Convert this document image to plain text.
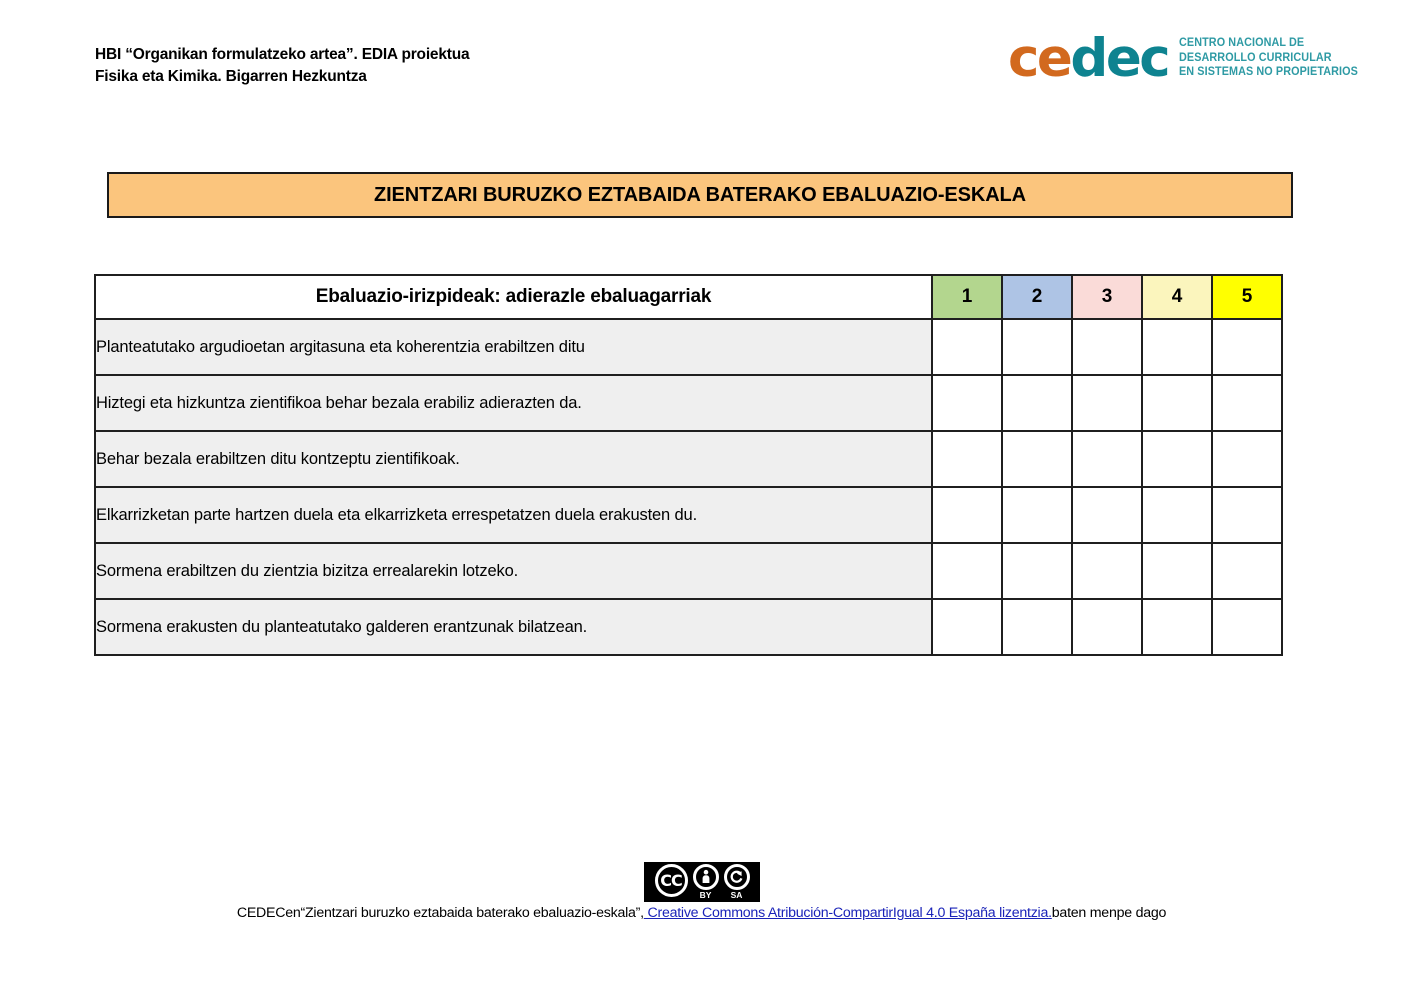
HBI “Organikan formulatzeko artea”. EDIA proiektua
Fisika eta Kimika. Bigarren Hezkuntza	cedec CENTRO NACIONAL DE
DESARROLLO CURRICULAR
EN SISTEMAS NO PROPIETARIOS
ZIENTZARI BURUZKO EZTABAIDA BATERAKO EBALUAZIO-ESKALA
Ebaluazio-irizpideak: adierazle ebaluagarriak	1	2	3	4	5
Planteatutako argudioetan argitasuna eta koherentzia erabiltzen ditu					
Hiztegi eta hizkuntza zientifikoa behar bezala erabiliz adierazten da.					
Behar bezala erabiltzen ditu kontzeptu zientifikoak.					
Elkarrizketan parte hartzen duela eta elkarrizketa errespetatzen duela erakusten du.					
Sormena erabiltzen du zientzia bizitza errealarekin lotzeko.					
Sormena erakusten du planteatutako galderen erantzunak bilatzean.					
CC
BY SA
CEDECen“Zientzari buruzko eztabaida baterako ebaluazio-eskala”, Creative Commons Atribución-CompartirIgual 4.0 España lizentzia.baten menpe dago
